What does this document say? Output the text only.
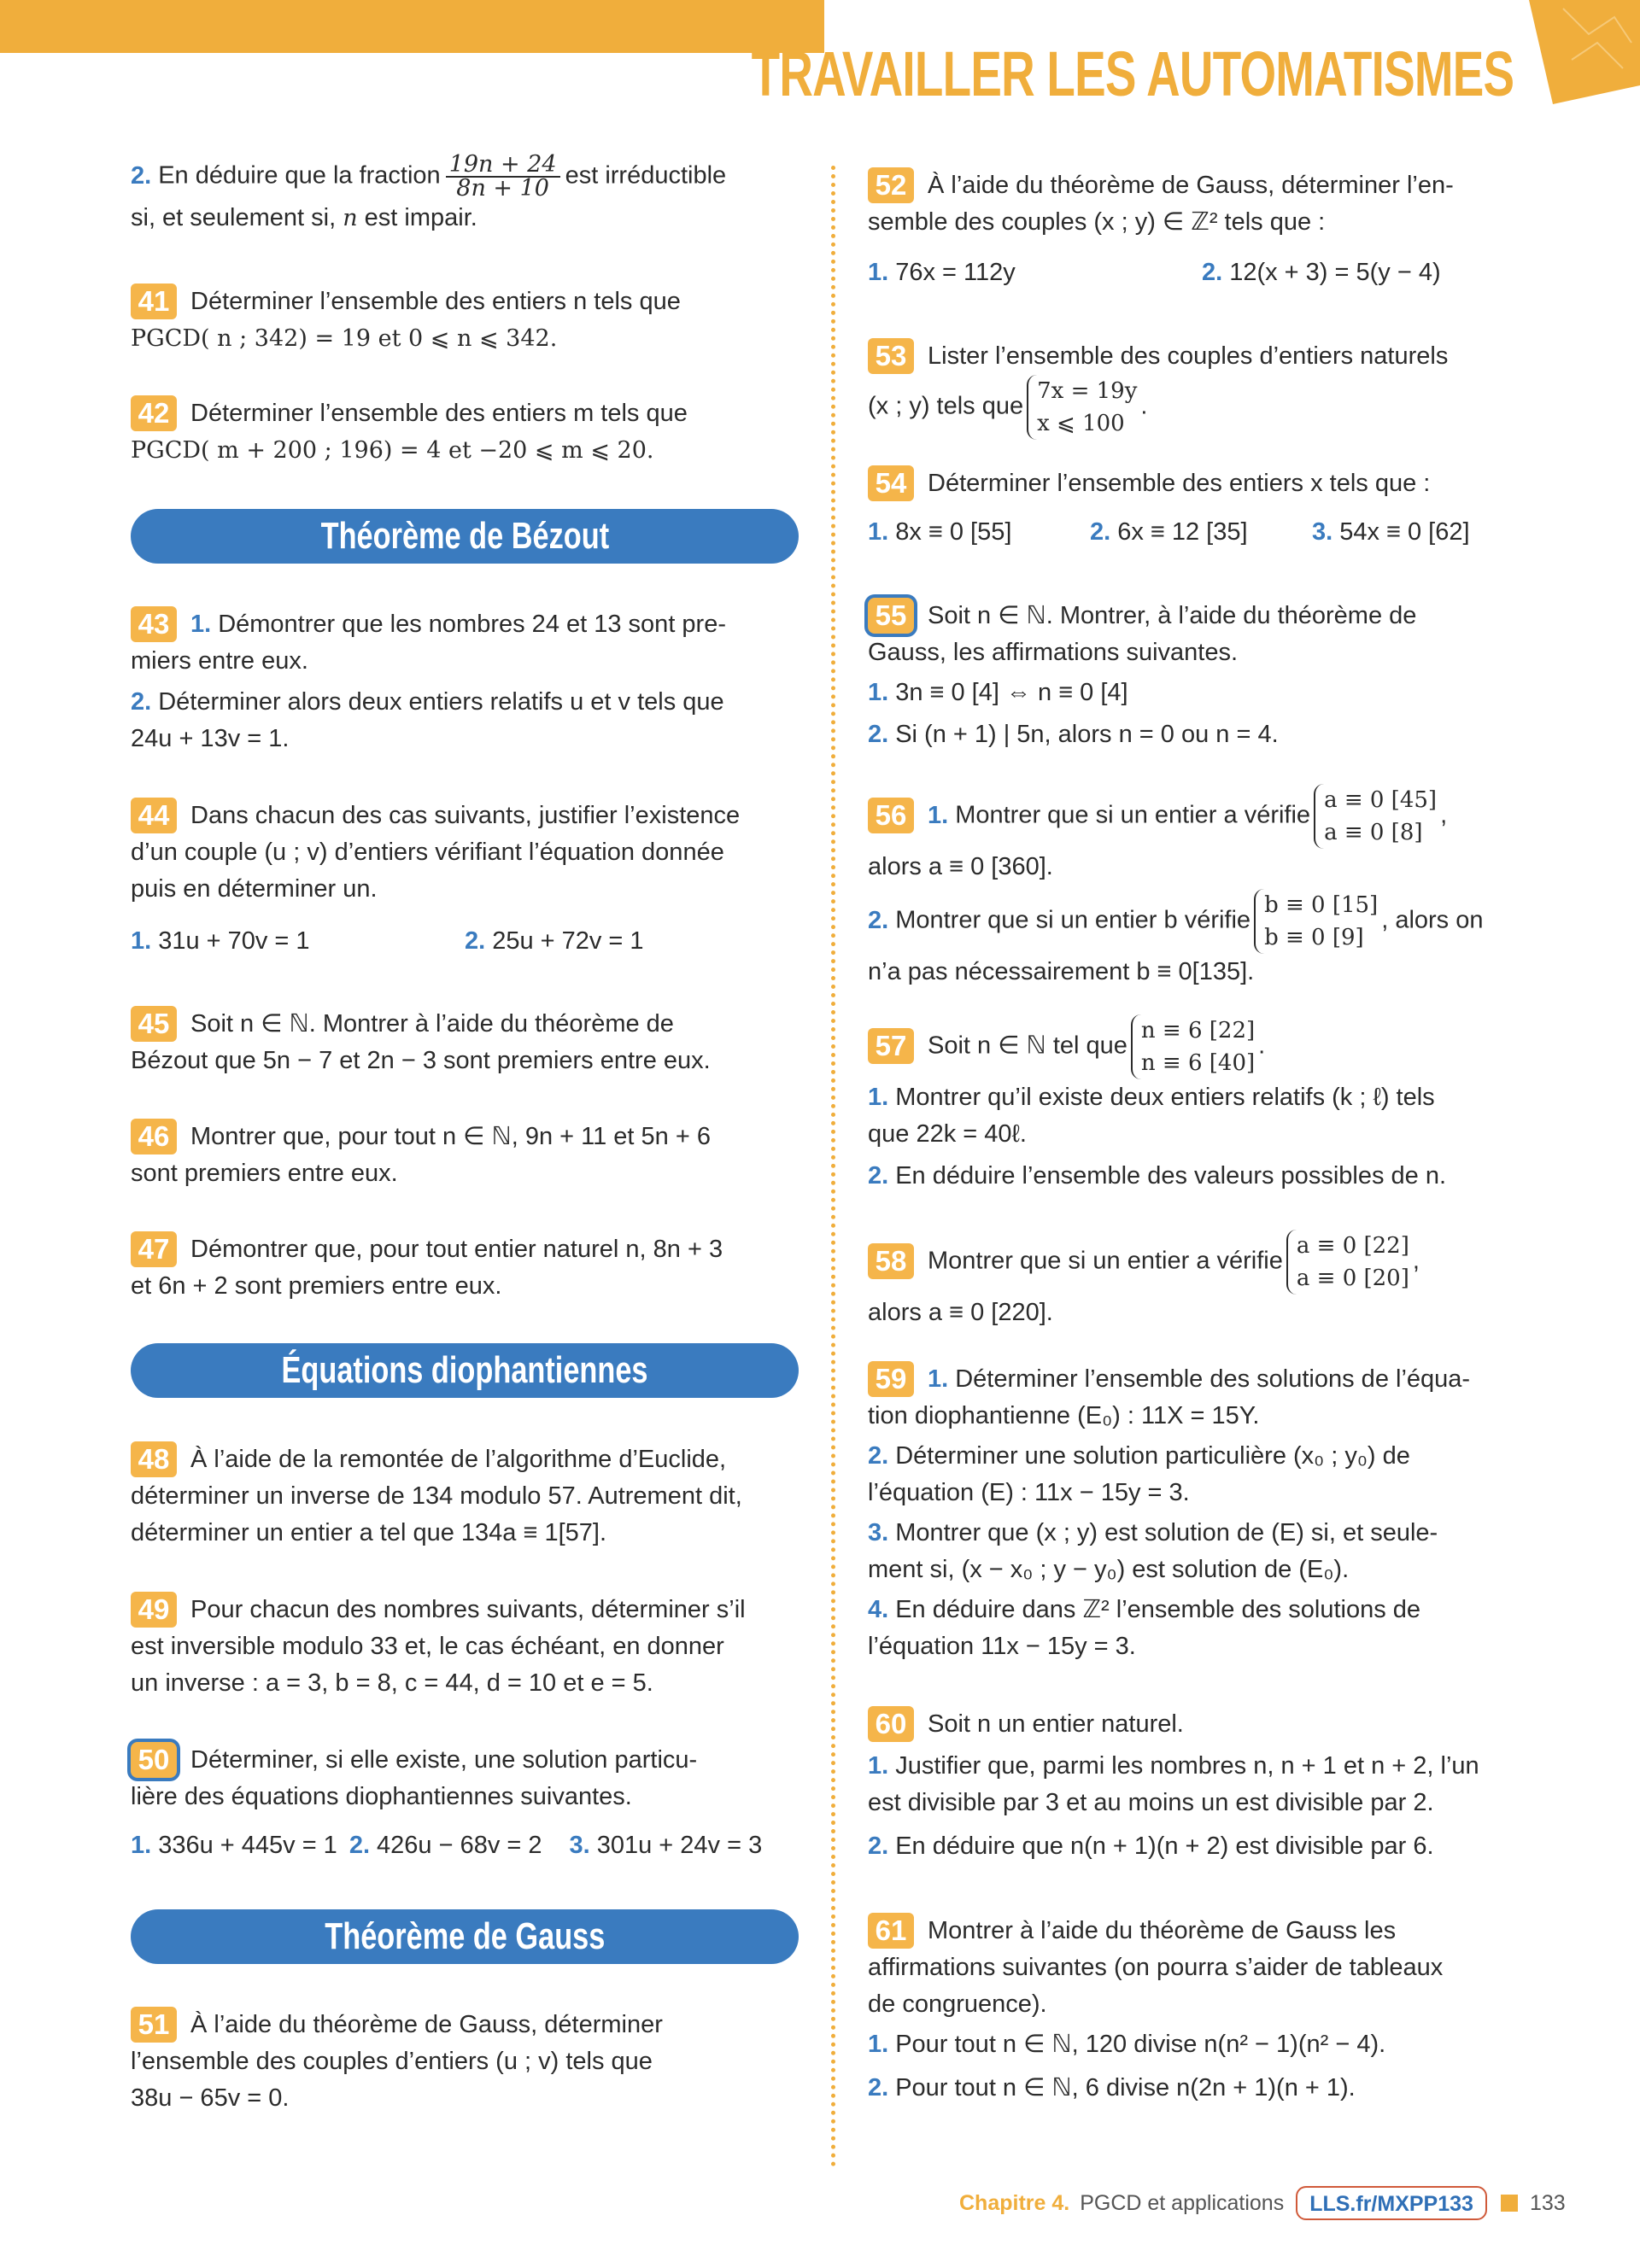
TRAVAILLER LES AUTOMATISMES
2. En déduire que la fraction $\frac{19n + 24}{8n + 10}$ est irréductible
si, et seulement si, n est impair.
41 Déterminer l’ensemble des entiers n tels que
PGCD( n ; 342) = 19 et 0 ⩽ n ⩽ 342.
42 Déterminer l’ensemble des entiers m tels que
PGCD( m + 200 ; 196) = 4 et −20 ⩽ m ⩽ 20.
Théorème de Bézout
43 1. Démontrer que les nombres 24 et 13 sont pre-
miers entre eux.
2. Déterminer alors deux entiers relatifs u et v tels que
24u + 13v = 1.
44 Dans chacun des cas suivants, justifier l’existence
d’un couple (u ; v) d’entiers vérifiant l’équation donnée
puis en déterminer un.
1. 31u + 70v = 1	2. 25u + 72v = 1
45 Soit n ∈ ℕ. Montrer à l’aide du théorème de
Bézout que 5n − 7 et 2n − 3 sont premiers entre eux.
46 Montrer que, pour tout n ∈ ℕ, 9n + 11 et 5n + 6
sont premiers entre eux.
47 Démontrer que, pour tout entier naturel n, 8n + 3
et 6n + 2 sont premiers entre eux.
Équations diophantiennes
48 À l’aide de la remontée de l’algorithme d’Euclide,
déterminer un inverse de 134 modulo 57. Autrement dit,
déterminer un entier a tel que 134a ≡ 1[57].
49 Pour chacun des nombres suivants, déterminer s’il
est inversible modulo 33 et, le cas échéant, en donner
un inverse : a = 3, b = 8, c = 44, d = 10 et e = 5.
50 Déterminer, si elle existe, une solution particu-
lière des équations diophantiennes suivantes.
1. 336u + 445v = 1 2. 426u − 68v = 2 3. 301u + 24v = 3
Théorème de Gauss
51 À l’aide du théorème de Gauss, déterminer
l’ensemble des couples d’entiers (u ; v) tels que
38u − 65v = 0.
52 À l’aide du théorème de Gauss, déterminer l’en-
semble des couples (x ; y) ∈ ℤ² tels que :
1. 76x = 112y	2. 12(x + 3) = 5(y − 4)
53 Lister l’ensemble des couples d’entiers naturels
(x ; y) tels que
7x = 19y
x ⩽ 100
.
54 Déterminer l’ensemble des entiers x tels que :
1. 8x ≡ 0 [55]	2. 6x ≡ 12 [35]	3. 54x ≡ 0 [62]
55 Soit n ∈ ℕ. Montrer, à l’aide du théorème de
Gauss, les affirmations suivantes.
1. 3n ≡ 0 [4] ⇔ n ≡ 0 [4]
2. Si (n + 1) | 5n, alors n = 0 ou n = 4.
56 1. Montrer que si un entier a vérifie
a ≡ 0 [45]
a ≡ 0 [8]
,
alors a ≡ 0 [360].
2. Montrer que si un entier b vérifie
b ≡ 0 [15]
b ≡ 0 [9]
, alors on
n’a pas nécessairement b ≡ 0[135].
57 Soit n ∈ ℕ tel que
n ≡ 6 [22]
n ≡ 6 [40]
.
1. Montrer qu’il existe deux entiers relatifs (k ; ℓ) tels
que 22k = 40ℓ.
2. En déduire l’ensemble des valeurs possibles de n.
58 Montrer que si un entier a vérifie
a ≡ 0 [22]
a ≡ 0 [20]
,
alors a ≡ 0 [220].
59 1. Déterminer l’ensemble des solutions de l’équa-
tion diophantienne (E₀) : 11X = 15Y.
2. Déterminer une solution particulière (x₀ ; y₀) de
l’équation (E) : 11x − 15y = 3.
3. Montrer que (x ; y) est solution de (E) si, et seule-
ment si, (x − x₀ ; y − y₀) est solution de (E₀).
4. En déduire dans ℤ² l’ensemble des solutions de
l’équation 11x − 15y = 3.
60 Soit n un entier naturel.
1. Justifier que, parmi les nombres n, n + 1 et n + 2, l’un
est divisible par 3 et au moins un est divisible par 2.
2. En déduire que n(n + 1)(n + 2) est divisible par 6.
61 Montrer à l’aide du théorème de Gauss les
affirmations suivantes (on pourra s’aider de tableaux
de congruence).
1. Pour tout n ∈ ℕ, 120 divise n(n² − 1)(n² − 4).
2. Pour tout n ∈ ℕ, 6 divise n(2n + 1)(n + 1).
Chapitre 4. PGCD et applications	LLS.fr/MXPP133	133
